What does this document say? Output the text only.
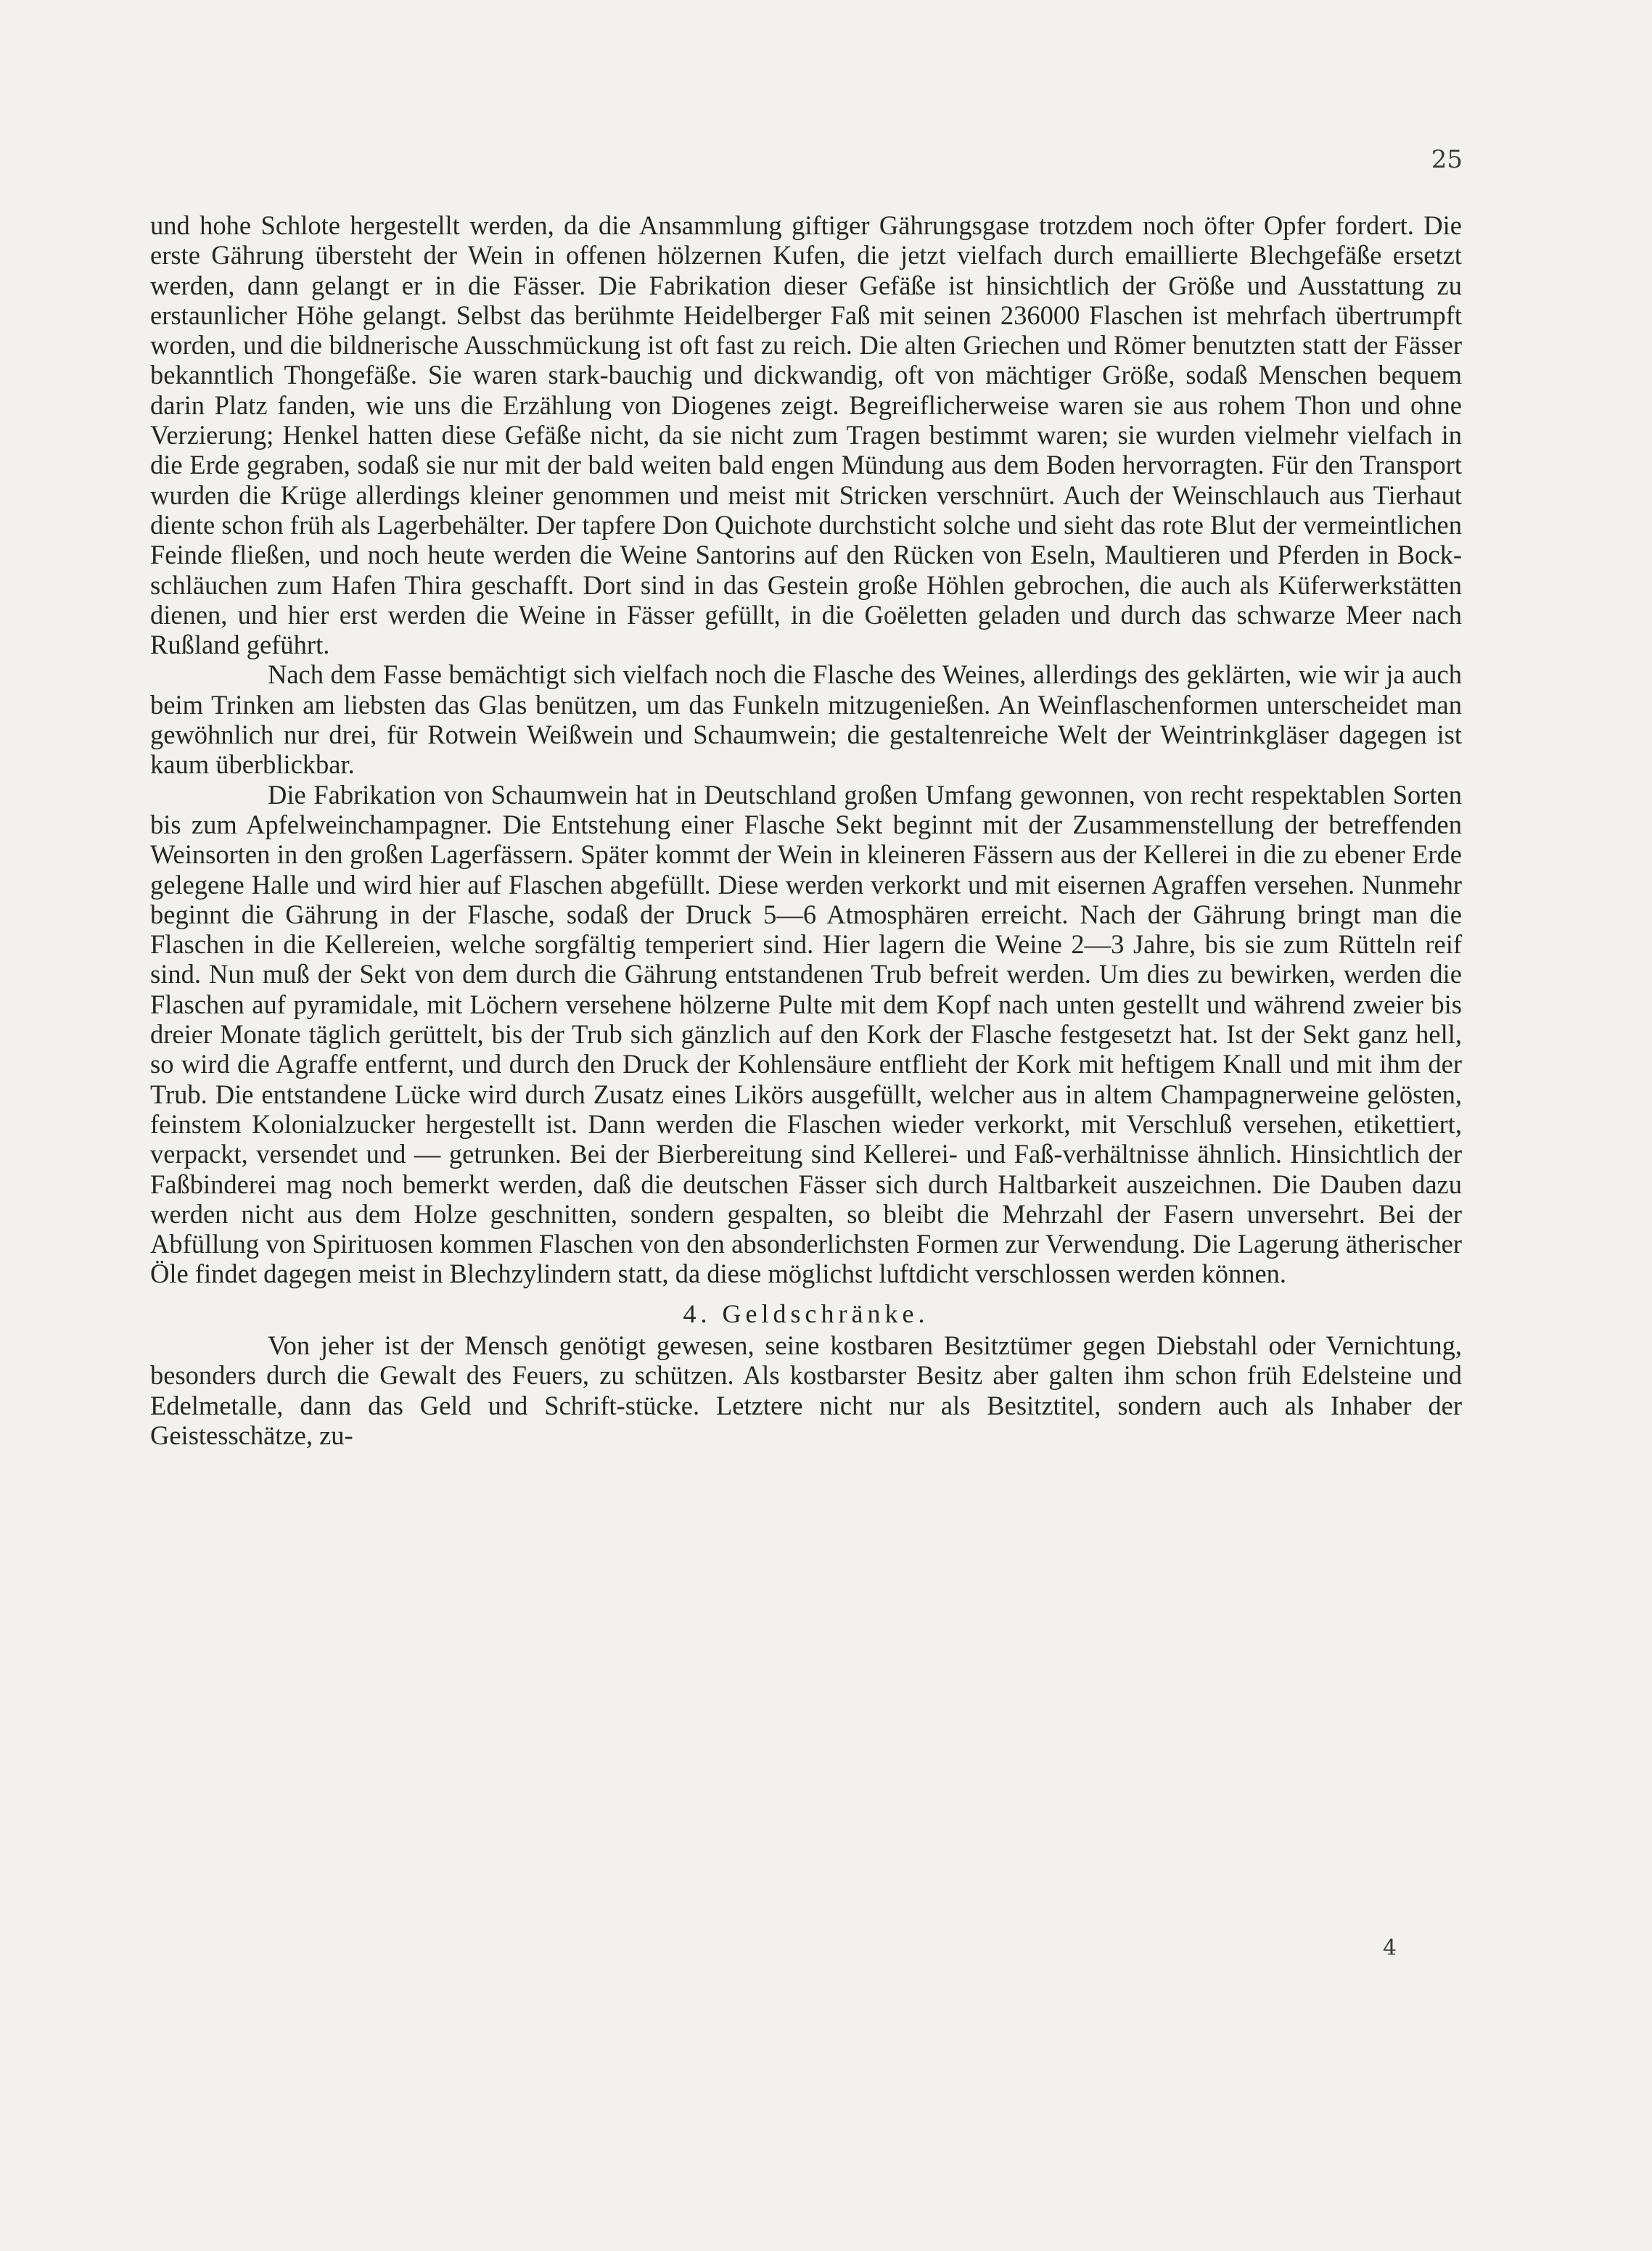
25

und hohe Schlote hergestellt werden, da die Ansammlung giftiger Gährungsgase trotzdem noch öfter Opfer fordert. Die erste Gährung übersteht der Wein in offenen hölzernen Kufen, die jetzt vielfach durch emaillierte Blechgefäße ersetzt werden, dann gelangt er in die Fässer. Die Fabrikation dieser Gefäße ist hinsichtlich der Größe und Ausstattung zu erstaunlicher Höhe gelangt. Selbst das berühmte Heidelberger Faß mit seinen 236000 Flaschen ist mehrfach übertrumpft worden, und die bildnerische Ausschmückung ist oft fast zu reich. Die alten Griechen und Römer benutzten statt der Fässer bekanntlich Thongefäße. Sie waren stark-bauchig und dickwandig, oft von mächtiger Größe, sodaß Menschen bequem darin Platz fanden, wie uns die Erzählung von Diogenes zeigt. Begreiflicherweise waren sie aus rohem Thon und ohne Verzierung; Henkel hatten diese Gefäße nicht, da sie nicht zum Tragen bestimmt waren; sie wurden vielmehr vielfach in die Erde gegraben, sodaß sie nur mit der bald weiten bald engen Mündung aus dem Boden hervorragten. Für den Transport wurden die Krüge allerdings kleiner genommen und meist mit Stricken verschnürt. Auch der Weinschlauch aus Tierhaut diente schon früh als Lagerbehälter. Der tapfere Don Quichote durchsticht solche und sieht das rote Blut der vermeintlichen Feinde fließen, und noch heute werden die Weine Santorins auf den Rücken von Eseln, Maultieren und Pferden in Bock-schläuchen zum Hafen Thira geschafft. Dort sind in das Gestein große Höhlen gebrochen, die auch als Küferwerkstätten dienen, und hier erst werden die Weine in Fässer gefüllt, in die Goëletten geladen und durch das schwarze Meer nach Rußland geführt.

Nach dem Fasse bemächtigt sich vielfach noch die Flasche des Weines, allerdings des geklärten, wie wir ja auch beim Trinken am liebsten das Glas benützen, um das Funkeln mitzugenießen. An Weinflaschenformen unterscheidet man gewöhnlich nur drei, für Rotwein Weißwein und Schaumwein; die gestaltenreiche Welt der Weintrinkgläser dagegen ist kaum überblickbar.

Die Fabrikation von Schaumwein hat in Deutschland großen Umfang gewonnen, von recht respektablen Sorten bis zum Apfelweinchampagner. Die Entstehung einer Flasche Sekt beginnt mit der Zusammenstellung der betreffenden Weinsorten in den großen Lagerfässern. Später kommt der Wein in kleineren Fässern aus der Kellerei in die zu ebener Erde gelegene Halle und wird hier auf Flaschen abgefüllt. Diese werden verkorkt und mit eisernen Agraffen versehen. Nunmehr beginnt die Gährung in der Flasche, sodaß der Druck 5—6 Atmosphären erreicht. Nach der Gährung bringt man die Flaschen in die Kellereien, welche sorgfältig temperiert sind. Hier lagern die Weine 2—3 Jahre, bis sie zum Rütteln reif sind. Nun muß der Sekt von dem durch die Gährung entstandenen Trub befreit werden. Um dies zu bewirken, werden die Flaschen auf pyramidale, mit Löchern versehene hölzerne Pulte mit dem Kopf nach unten gestellt und während zweier bis dreier Monate täglich gerüttelt, bis der Trub sich gänzlich auf den Kork der Flasche festgesetzt hat. Ist der Sekt ganz hell, so wird die Agraffe entfernt, und durch den Druck der Kohlensäure entflieht der Kork mit heftigem Knall und mit ihm der Trub. Die entstandene Lücke wird durch Zusatz eines Likörs ausgefüllt, welcher aus in altem Champagnerweine gelösten, feinstem Kolonialzucker hergestellt ist. Dann werden die Flaschen wieder verkorkt, mit Verschluß versehen, etikettiert, verpackt, versendet und — getrunken. Bei der Bierbereitung sind Kellerei- und Faß-verhältnisse ähnlich. Hinsichtlich der Faßbinderei mag noch bemerkt werden, daß die deutschen Fässer sich durch Haltbarkeit auszeichnen. Die Dauben dazu werden nicht aus dem Holze geschnitten, sondern gespalten, so bleibt die Mehrzahl der Fasern unversehrt. Bei der Abfüllung von Spirituosen kommen Flaschen von den absonderlichsten Formen zur Verwendung. Die Lagerung ätherischer Öle findet dagegen meist in Blechzylindern statt, da diese möglichst luftdicht verschlossen werden können.

4. Geldschränke.

Von jeher ist der Mensch genötigt gewesen, seine kostbaren Besitztümer gegen Diebstahl oder Vernichtung, besonders durch die Gewalt des Feuers, zu schützen. Als kostbarster Besitz aber galten ihm schon früh Edelsteine und Edelmetalle, dann das Geld und Schrift-stücke. Letztere nicht nur als Besitztitel, sondern auch als Inhaber der Geistesschätze, zu-

4
